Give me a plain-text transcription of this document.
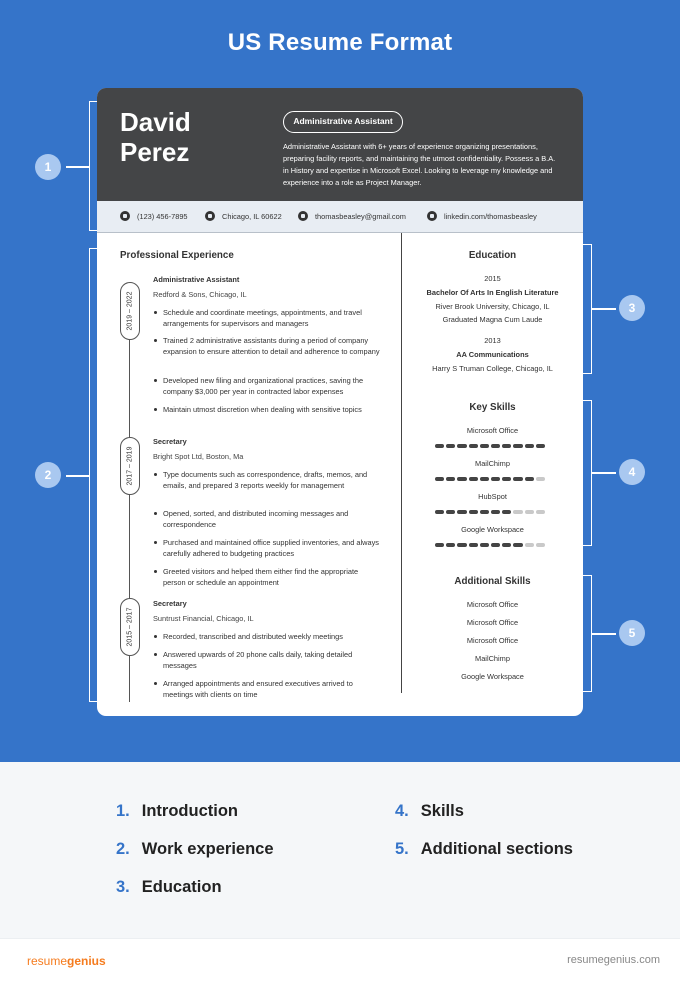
US Resume Format
1
2
3
4
5
David
Perez
Administrative Assistant
Administrative Assistant with 6+ years of experience organizing presentations, preparing facility reports, and maintaining the utmost confidentiality. Possess a B.A. in History and expertise in Microsoft Excel. Looking to leverage my knowledge and experience into a role as Project Manager.
(123) 456-7895	Chicago, IL 60622	thomasbeasley@gmail.com	linkedin.com/thomasbeasley
Professional Experience
2019 – 2022
Administrative Assistant
Redford & Sons, Chicago, IL
Schedule and coordinate meetings, appointments, and travel arrangements for supervisors and managers
Trained 2 administrative assistants during a period of company expansion to ensure attention to detail and adherence to company
Developed new filing and organizational practices, saving the company $3,000 per year in contracted labor expenses
Maintain utmost discretion when dealing with sensitive topics
2017 – 2019
Secretary
Bright Spot Ltd, Boston, Ma
Type documents such as correspondence, drafts, memos, and emails, and prepared 3 reports weekly for management
Opened, sorted, and distributed incoming messages and correspondence
Purchased and maintained office supplied inventories, and always carefully adhered to budgeting practices
Greeted visitors and helped them either find the appropriate person or schedule an appointment
2015 – 2017
Secretary
Suntrust Financial, Chicago, IL
Recorded, transcribed and distributed weekly meetings
Answered upwards of 20 phone calls daily, taking detailed messages
Arranged appointments and ensured executives arrived to meetings with clients on time
Education
2015
Bachelor Of Arts In English Literature
River Brook University, Chicago, IL
Graduated Magna Cum Laude
2013
AA Communications
Harry S Truman College, Chicago, IL
Key Skills
Microsoft Office
MailChimp
HubSpot
Google Workspace
Additional Skills
Microsoft Office
Microsoft Office
Microsoft Office
MailChimp
Google Workspace
1. Introduction
2. Work experience
3. Education
4. Skills
5. Additional sections
resumegenius	resumegenius.com
